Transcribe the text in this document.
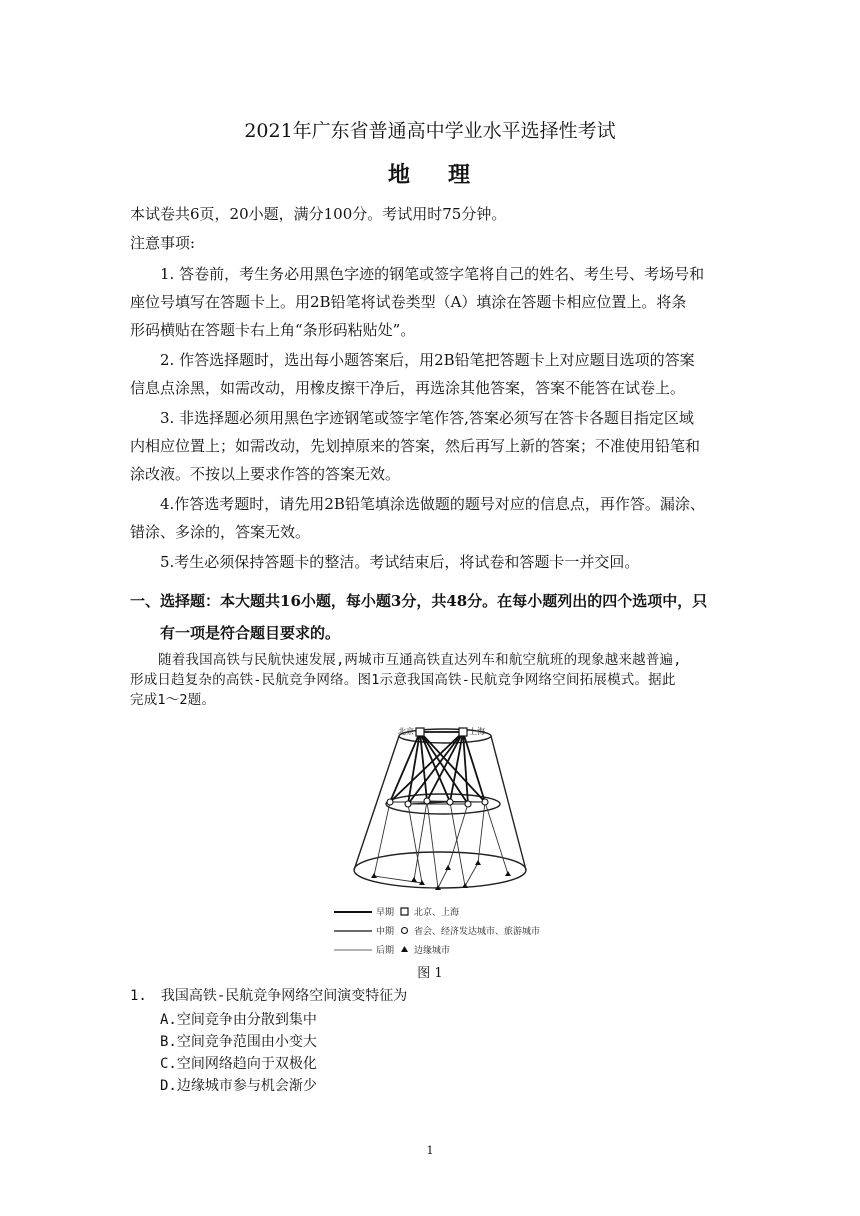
2021年广东省普通高中学业水平选择性考试
地 理
本试卷共6页，20小题，满分100分。考试用时75分钟。
注意事项:
1. 答卷前，考生务必用黑色字迹的钢笔或签字笔将自己的姓名、考生号、考场号和
座位号填写在答题卡上。用2B铅笔将试卷类型（A）填涂在答题卡相应位置上。将条
形码横贴在答题卡右上角“条形码粘贴处”。
2. 作答选择题时，选出每小题答案后，用2B铅笔把答题卡上对应题目选项的答案
信息点涂黑，如需改动，用橡皮擦干净后，再选涂其他答案，答案不能答在试卷上。
3. 非选择题必须用黑色字迹钢笔或签字笔作答,答案必须写在答卡各题目指定区域
内相应位置上；如需改动，先划掉原来的答案，然后再写上新的答案；不准使用铅笔和
涂改液。不按以上要求作答的答案无效。
4.作答选考题时，请先用2B铅笔填涂选做题的题号对应的信息点，再作答。漏涂、
错涂、多涂的，答案无效。
5.考生必须保持答题卡的整洁。考试结束后，将试卷和答题卡一并交回。
一、选择题：本大题共16小题，每小题3分，共48分。在每小题列出的四个选项中，只
有一项是符合题目要求的。
随着我国高铁与民航快速发展,两城市互通高铁直达列车和航空航班的现象越来越普遍,
形成日趋复杂的高铁-民航竞争网络。图1示意我国高铁-民航竞争网络空间拓展模式。据此
完成1～2题。
北京	上海
早期 北京、上海
中期 省会、经济发达城市、旅游城市
后期 边缘城市
图 1
1. 我国高铁-民航竞争网络空间演变特征为
A.空间竞争由分散到集中
B.空间竞争范围由小变大
C.空间网络趋向于双极化
D.边缘城市参与机会渐少
1
